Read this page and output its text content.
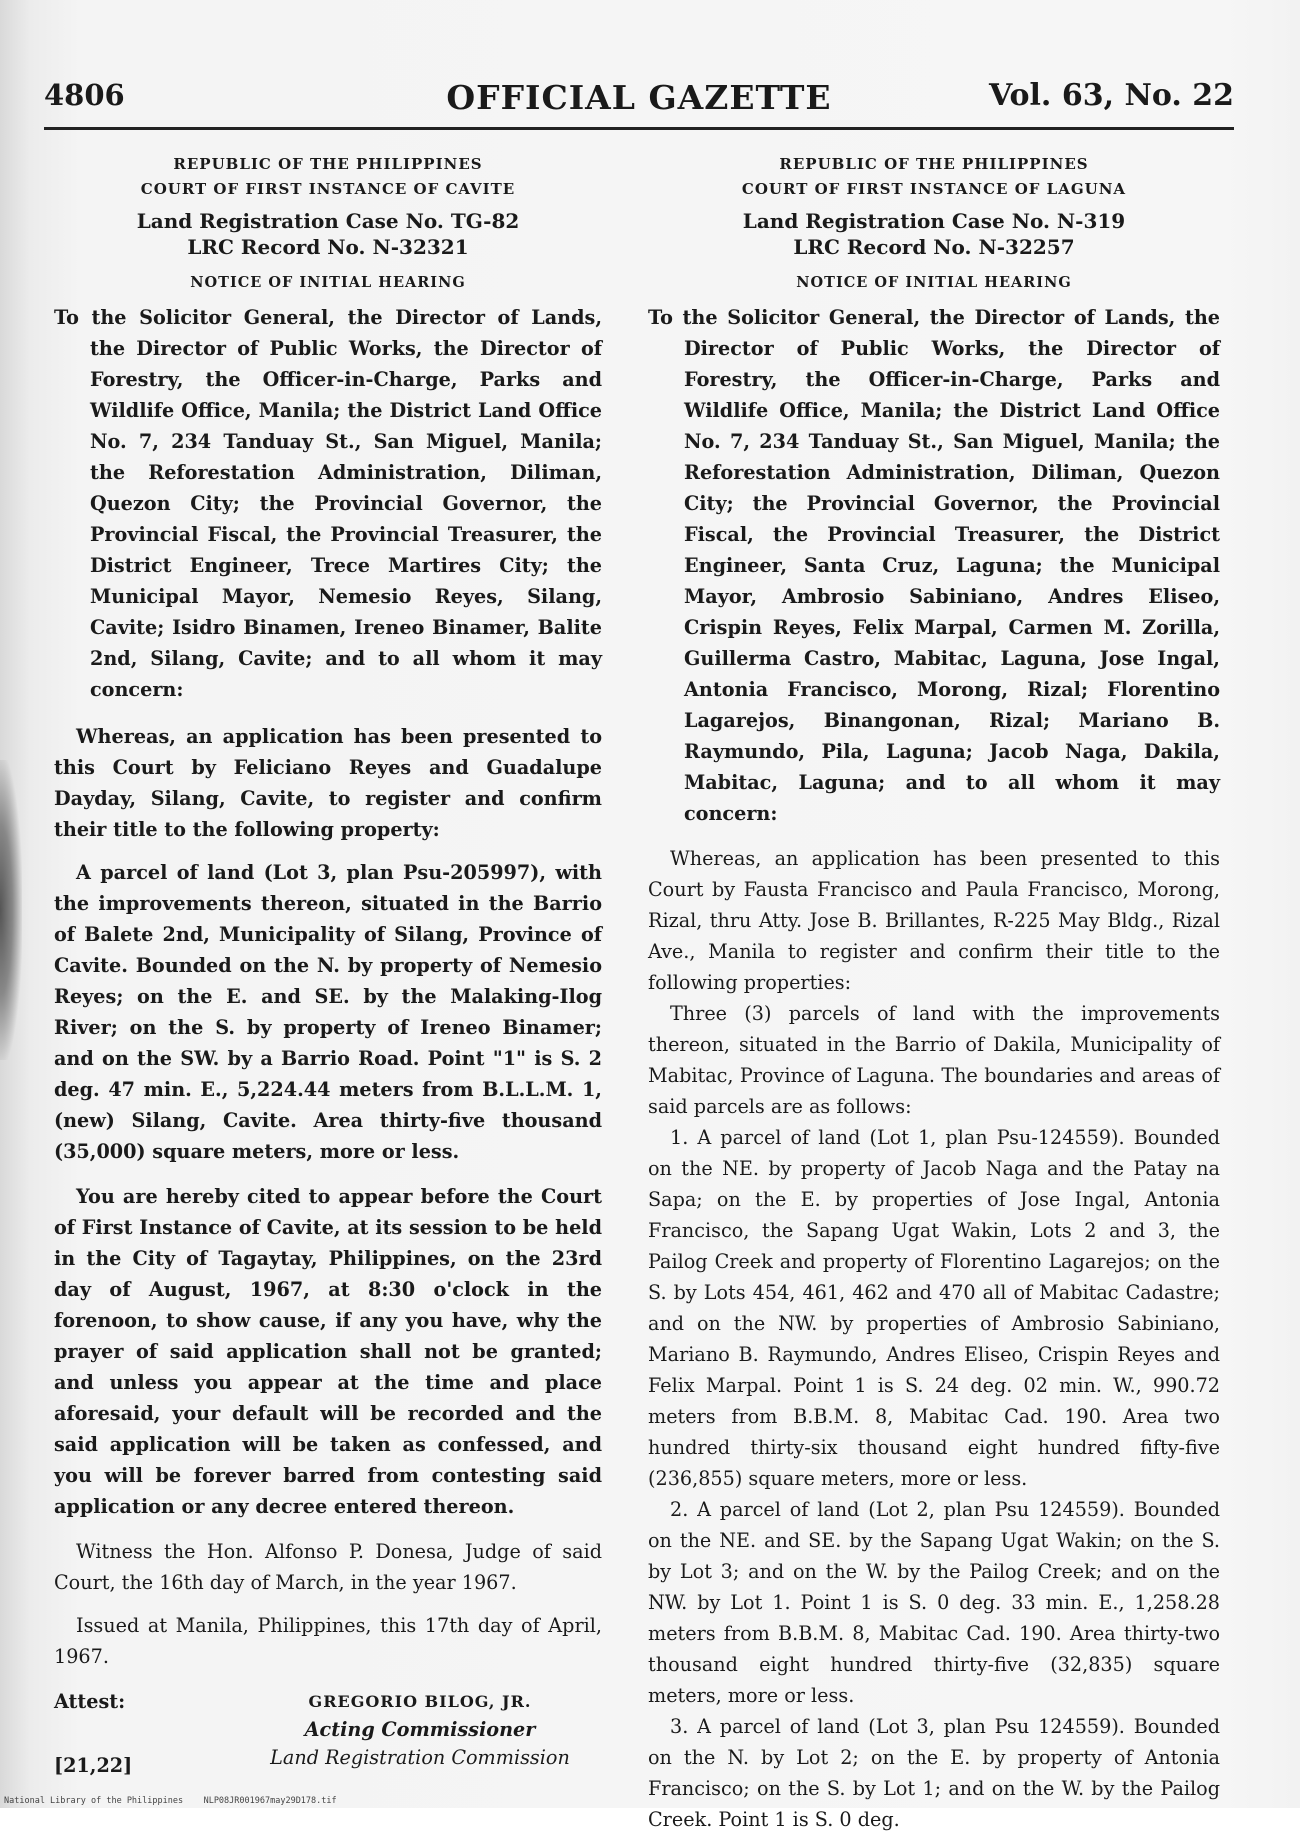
4806	OFFICIAL GAZETTE	Vol. 63, No. 22

REPUBLIC OF THE PHILIPPINES

COURT OF FIRST INSTANCE OF CAVITE

Land Registration Case No. TG-82

LRC Record No. N-32321

NOTICE OF INITIAL HEARING

To the Solicitor General, the Director of Lands, the Director of Public Works, the Director of Forestry, the Officer-in-Charge, Parks and Wildlife Office, Manila; the District Land Office No. 7, 234 Tanduay St., San Miguel, Manila; the Reforestation Administration, Diliman, Quezon City; the Provincial Governor, the Provincial Fiscal, the Provincial Treasurer, the District Engineer, Trece Martires City; the Municipal Mayor, Nemesio Reyes, Silang, Cavite; Isidro Binamen, Ireneo Binamer, Balite 2nd, Silang, Cavite; and to all whom it may concern:

Whereas, an application has been presented to this Court by Feliciano Reyes and Guadalupe Dayday, Silang, Cavite, to register and confirm their title to the following property:

A parcel of land (Lot 3, plan Psu-205997), with the improvements thereon, situated in the Barrio of Balete 2nd, Municipality of Silang, Province of Cavite. Bounded on the N. by property of Nemesio Reyes; on the E. and SE. by the Malaking-Ilog River; on the S. by property of Ireneo Binamer; and on the SW. by a Barrio Road. Point "1" is S. 2 deg. 47 min. E., 5,224.44 meters from B.L.L.M. 1, (new) Silang, Cavite. Area thirty-five thousand (35,000) square meters, more or less.

You are hereby cited to appear before the Court of First Instance of Cavite, at its session to be held in the City of Tagaytay, Philippines, on the 23rd day of August, 1967, at 8:30 o'clock in the forenoon, to show cause, if any you have, why the prayer of said application shall not be granted; and unless you appear at the time and place aforesaid, your default will be recorded and the said application will be taken as confessed, and you will be forever barred from contesting said application or any decree entered thereon.

Witness the Hon. Alfonso P. Donesa, Judge of said Court, the 16th day of March, in the year 1967.

Issued at Manila, Philippines, this 17th day of April, 1967.

Attest:
[21,22]
GREGORIO BILOG, JR.
Acting Commissioner
Land Registration Commission

REPUBLIC OF THE PHILIPPINES

COURT OF FIRST INSTANCE OF LAGUNA

Land Registration Case No. N-319

LRC Record No. N-32257

NOTICE OF INITIAL HEARING

To the Solicitor General, the Director of Lands, the Director of Public Works, the Director of Forestry, the Officer-in-Charge, Parks and Wildlife Office, Manila; the District Land Office No. 7, 234 Tanduay St., San Miguel, Manila; the Reforestation Administration, Diliman, Quezon City; the Provincial Governor, the Provincial Fiscal, the Provincial Treasurer, the District Engineer, Santa Cruz, Laguna; the Municipal Mayor, Ambrosio Sabiniano, Andres Eliseo, Crispin Reyes, Felix Marpal, Carmen M. Zorilla, Guillerma Castro, Mabitac, Laguna, Jose Ingal, Antonia Francisco, Morong, Rizal; Florentino Lagarejos, Binangonan, Rizal; Mariano B. Raymundo, Pila, Laguna; Jacob Naga, Dakila, Mabitac, Laguna; and to all whom it may concern:

Whereas, an application has been presented to this Court by Fausta Francisco and Paula Francisco, Morong, Rizal, thru Atty. Jose B. Brillantes, R-225 May Bldg., Rizal Ave., Manila to register and confirm their title to the following properties:

Three (3) parcels of land with the improvements thereon, situated in the Barrio of Dakila, Municipality of Mabitac, Province of Laguna. The boundaries and areas of said parcels are as follows:

1. A parcel of land (Lot 1, plan Psu-124559). Bounded on the NE. by property of Jacob Naga and the Patay na Sapa; on the E. by properties of Jose Ingal, Antonia Francisco, the Sapang Ugat Wakin, Lots 2 and 3, the Pailog Creek and property of Florentino Lagarejos; on the S. by Lots 454, 461, 462 and 470 all of Mabitac Cadastre; and on the NW. by properties of Ambrosio Sabiniano, Mariano B. Raymundo, Andres Eliseo, Crispin Reyes and Felix Marpal. Point 1 is S. 24 deg. 02 min. W., 990.72 meters from B.B.M. 8, Mabitac Cad. 190. Area two hundred thirty-six thousand eight hundred fifty-five (236,855) square meters, more or less.

2. A parcel of land (Lot 2, plan Psu 124559). Bounded on the NE. and SE. by the Sapang Ugat Wakin; on the S. by Lot 3; and on the W. by the Pailog Creek; and on the NW. by Lot 1. Point 1 is S. 0 deg. 33 min. E., 1,258.28 meters from B.B.M. 8, Mabitac Cad. 190. Area thirty-two thousand eight hundred thirty-five (32,835) square meters, more or less.

3. A parcel of land (Lot 3, plan Psu 124559). Bounded on the N. by Lot 2; on the E. by property of Antonia Francisco; on the S. by Lot 1; and on the W. by the Pailog Creek. Point 1 is S. 0 deg.

National Library of the Philippines    NLP08JR001967may29D178.tif
